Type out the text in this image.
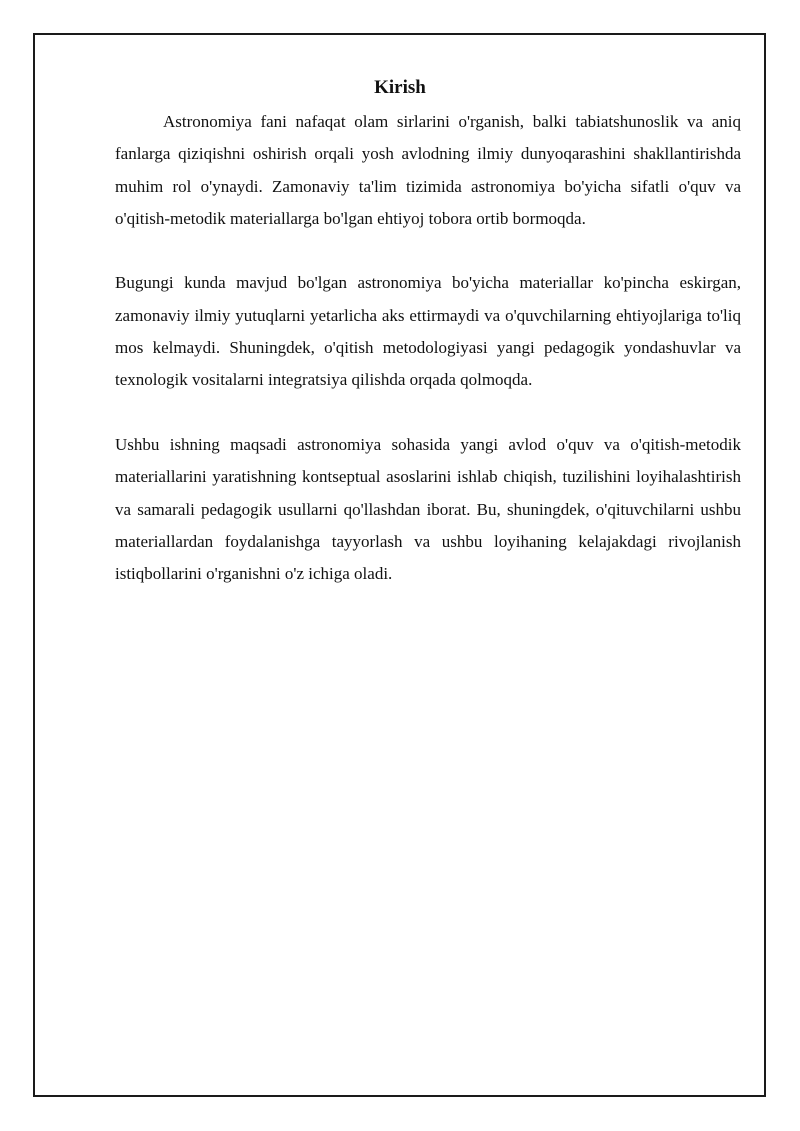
Kirish

Astronomiya fani nafaqat olam sirlarini o'rganish, balki tabiatshunoslik va aniq fanlarga qiziqishni oshirish orqali yosh avlodning ilmiy dunyoqarashini shakllantirishda muhim rol o'ynaydi. Zamonaviy ta'lim tizimida astronomiya bo'yicha sifatli o'quv va o'qitish-metodik materiallarga bo'lgan ehtiyoj tobora ortib bormoqda.

Bugungi kunda mavjud bo'lgan astronomiya bo'yicha materiallar ko'pincha eskirgan, zamonaviy ilmiy yutuqlarni yetarlicha aks ettirmaydi va o'quvchilarning ehtiyojlariga to'liq mos kelmaydi. Shuningdek, o'qitish metodologiyasi yangi pedagogik yondashuvlar va texnologik vositalarni integratsiya qilishda orqada qolmoqda.

Ushbu ishning maqsadi astronomiya sohasida yangi avlod o'quv va o'qitish-metodik materiallarini yaratishning kontseptual asoslarini ishlab chiqish, tuzilishini loyihalashtirish va samarali pedagogik usullarni qo'llashdan iborat. Bu, shuningdek, o'qituvchilarni ushbu materiallardan foydalanishga tayyorlash va ushbu loyihaning kelajakdagi rivojlanish istiqbollarini o'rganishni o'z ichiga oladi.
